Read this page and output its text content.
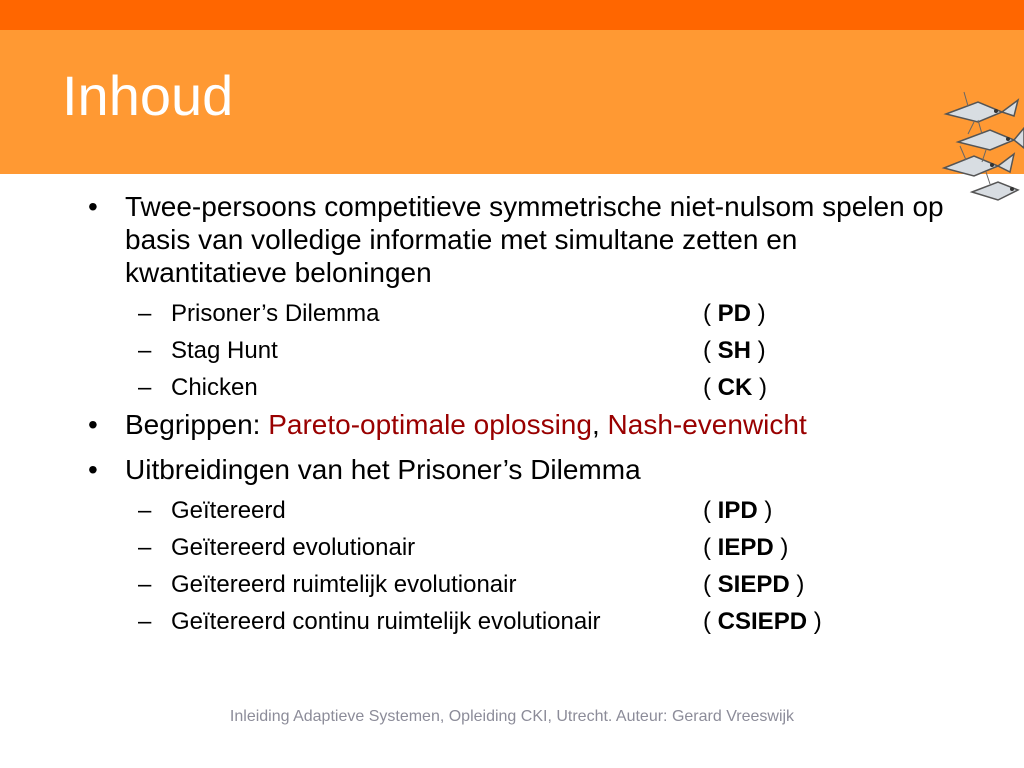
Inhoud
• Twee-persoons competitieve symmetrische niet-nulsom spelen op basis van volledige informatie met simultane zetten en kwantitatieve beloningen
– Prisoner’s Dilemma	( PD )
– Stag Hunt	( SH )
– Chicken	( CK )
• Begrippen: Pareto-optimale oplossing, Nash-evenwicht
• Uitbreidingen van het Prisoner’s Dilemma
– Geïtereerd	( IPD )
– Geïtereerd evolutionair	( IEPD )
– Geïtereerd ruimtelijk evolutionair	( SIEPD )
– Geïtereerd continu ruimtelijk evolutionair	( CSIEPD )
Inleiding Adaptieve Systemen, Opleiding CKI, Utrecht. Auteur: Gerard Vreeswijk
